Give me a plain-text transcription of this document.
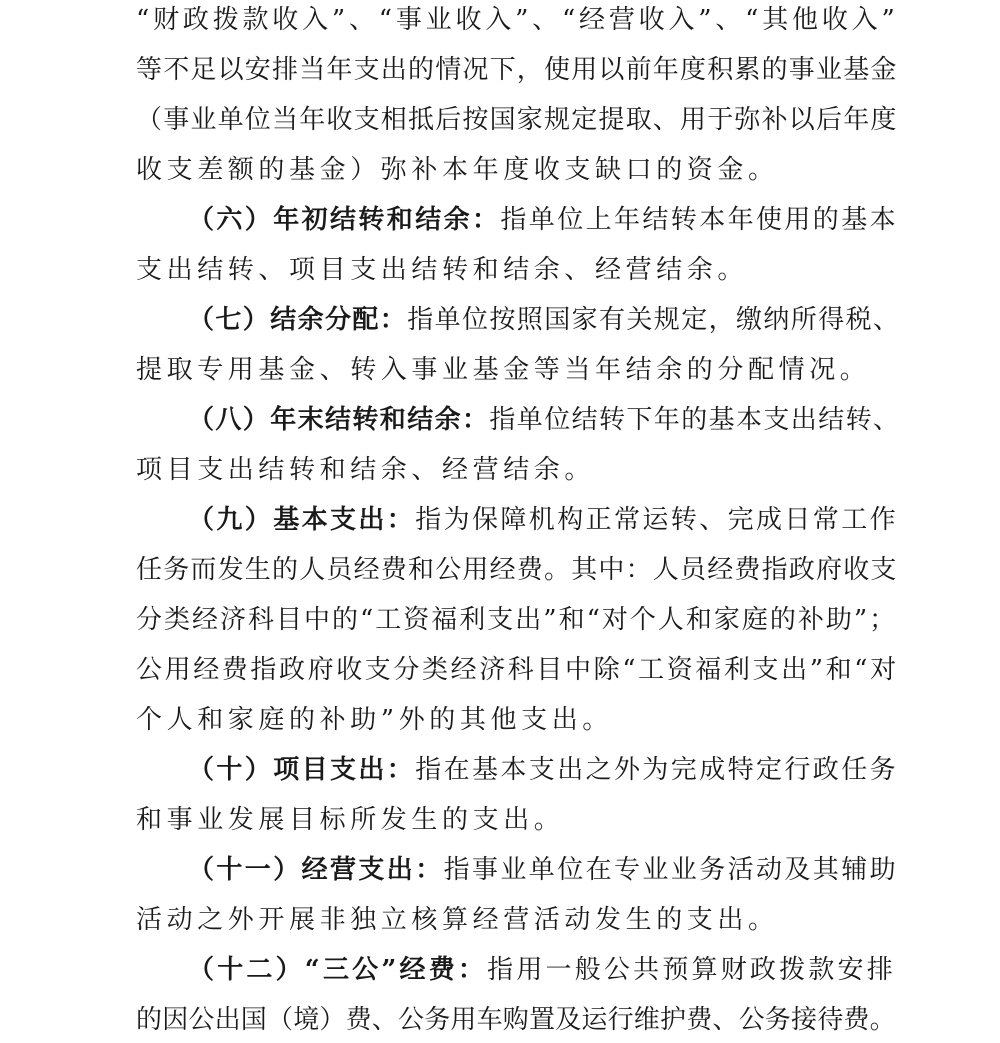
“财政拨款收入”、“事业收入”、“经营收入”、“其他收入”
等不足以安排当年支出的情况下，使用以前年度积累的事业基金
（事业单位当年收支相抵后按国家规定提取、用于弥补以后年度
收支差额的基金）弥补本年度收支缺口的资金。
（六）年初结转和结余：指单位上年结转本年使用的基本
支出结转、项目支出结转和结余、经营结余。
（七）结余分配：指单位按照国家有关规定，缴纳所得税、
提取专用基金、转入事业基金等当年结余的分配情况。
（八）年末结转和结余：指单位结转下年的基本支出结转、
项目支出结转和结余、经营结余。
（九）基本支出：指为保障机构正常运转、完成日常工作
任务而发生的人员经费和公用经费。其中：人员经费指政府收支
分类经济科目中的“工资福利支出”和“对个人和家庭的补助”；
公用经费指政府收支分类经济科目中除“工资福利支出”和“对
个人和家庭的补助”外的其他支出。
（十）项目支出：指在基本支出之外为完成特定行政任务
和事业发展目标所发生的支出。
（十一）经营支出：指事业单位在专业业务活动及其辅助
活动之外开展非独立核算经营活动发生的支出。
（十二）“三公”经费：指用一般公共预算财政拨款安排
的因公出国（境）费、公务用车购置及运行维护费、公务接待费。
